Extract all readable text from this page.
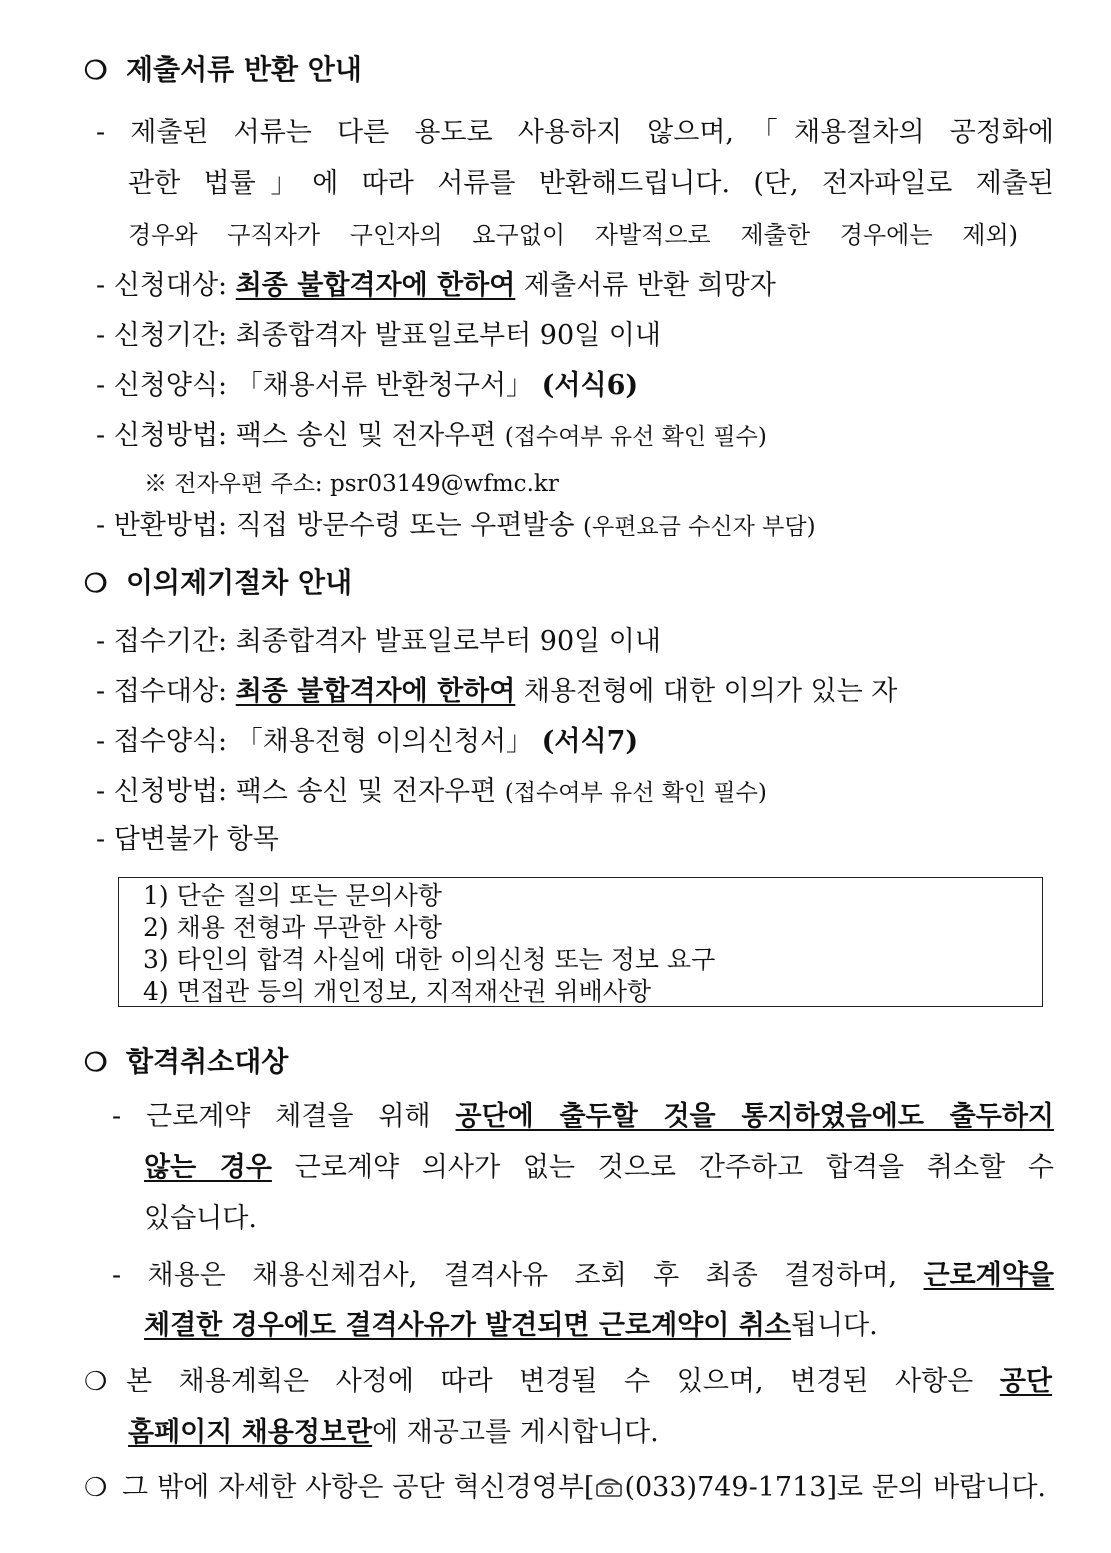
❍ 제출서류 반환 안내
- 제출된 서류는 다른 용도로 사용하지 않으며,「채용절차의 공정화에
관한 법률」에 따라 서류를 반환해드립니다. (단, 전자파일로 제출된
경우와 구직자가 구인자의 요구없이 자발적으로 제출한 경우에는 제외)
- 신청대상: 최종 불합격자에 한하여 제출서류 반환 희망자
- 신청기간: 최종합격자 발표일로부터 90일 이내
- 신청양식: 「채용서류 반환청구서」 (서식6)
- 신청방법: 팩스 송신 및 전자우편 (접수여부 유선 확인 필수)
※ 전자우편 주소: psr03149@wfmc.kr
- 반환방법: 직접 방문수령 또는 우편발송 (우편요금 수신자 부담)
❍ 이의제기절차 안내
- 접수기간: 최종합격자 발표일로부터 90일 이내
- 접수대상: 최종 불합격자에 한하여 채용전형에 대한 이의가 있는 자
- 접수양식: 「채용전형 이의신청서」 (서식7)
- 신청방법: 팩스 송신 및 전자우편 (접수여부 유선 확인 필수)
- 답변불가 항목
1) 단순 질의 또는 문의사항
2) 채용 전형과 무관한 사항
3) 타인의 합격 사실에 대한 이의신청 또는 정보 요구
4) 면접관 등의 개인정보, 지적재산권 위배사항
❍ 합격취소대상
- 근로계약 체결을 위해 공단에 출두할 것을 통지하였음에도 출두하지
않는 경우 근로계약 의사가 없는 것으로 간주하고 합격을 취소할 수
있습니다.
- 채용은 채용신체검사, 결격사유 조회 후 최종 결정하며, 근로계약을
체결한 경우에도 결격사유가 발견되면 근로계약이 취소됩니다.
❍ 본 채용계획은 사정에 따라 변경될 수 있으며, 변경된 사항은 공단
홈페이지 채용정보란에 재공고를 게시합니다.
❍ 그 밖에 자세한 사항은 공단 혁신경영부[ (033)749-1713]로 문의 바랍니다.
